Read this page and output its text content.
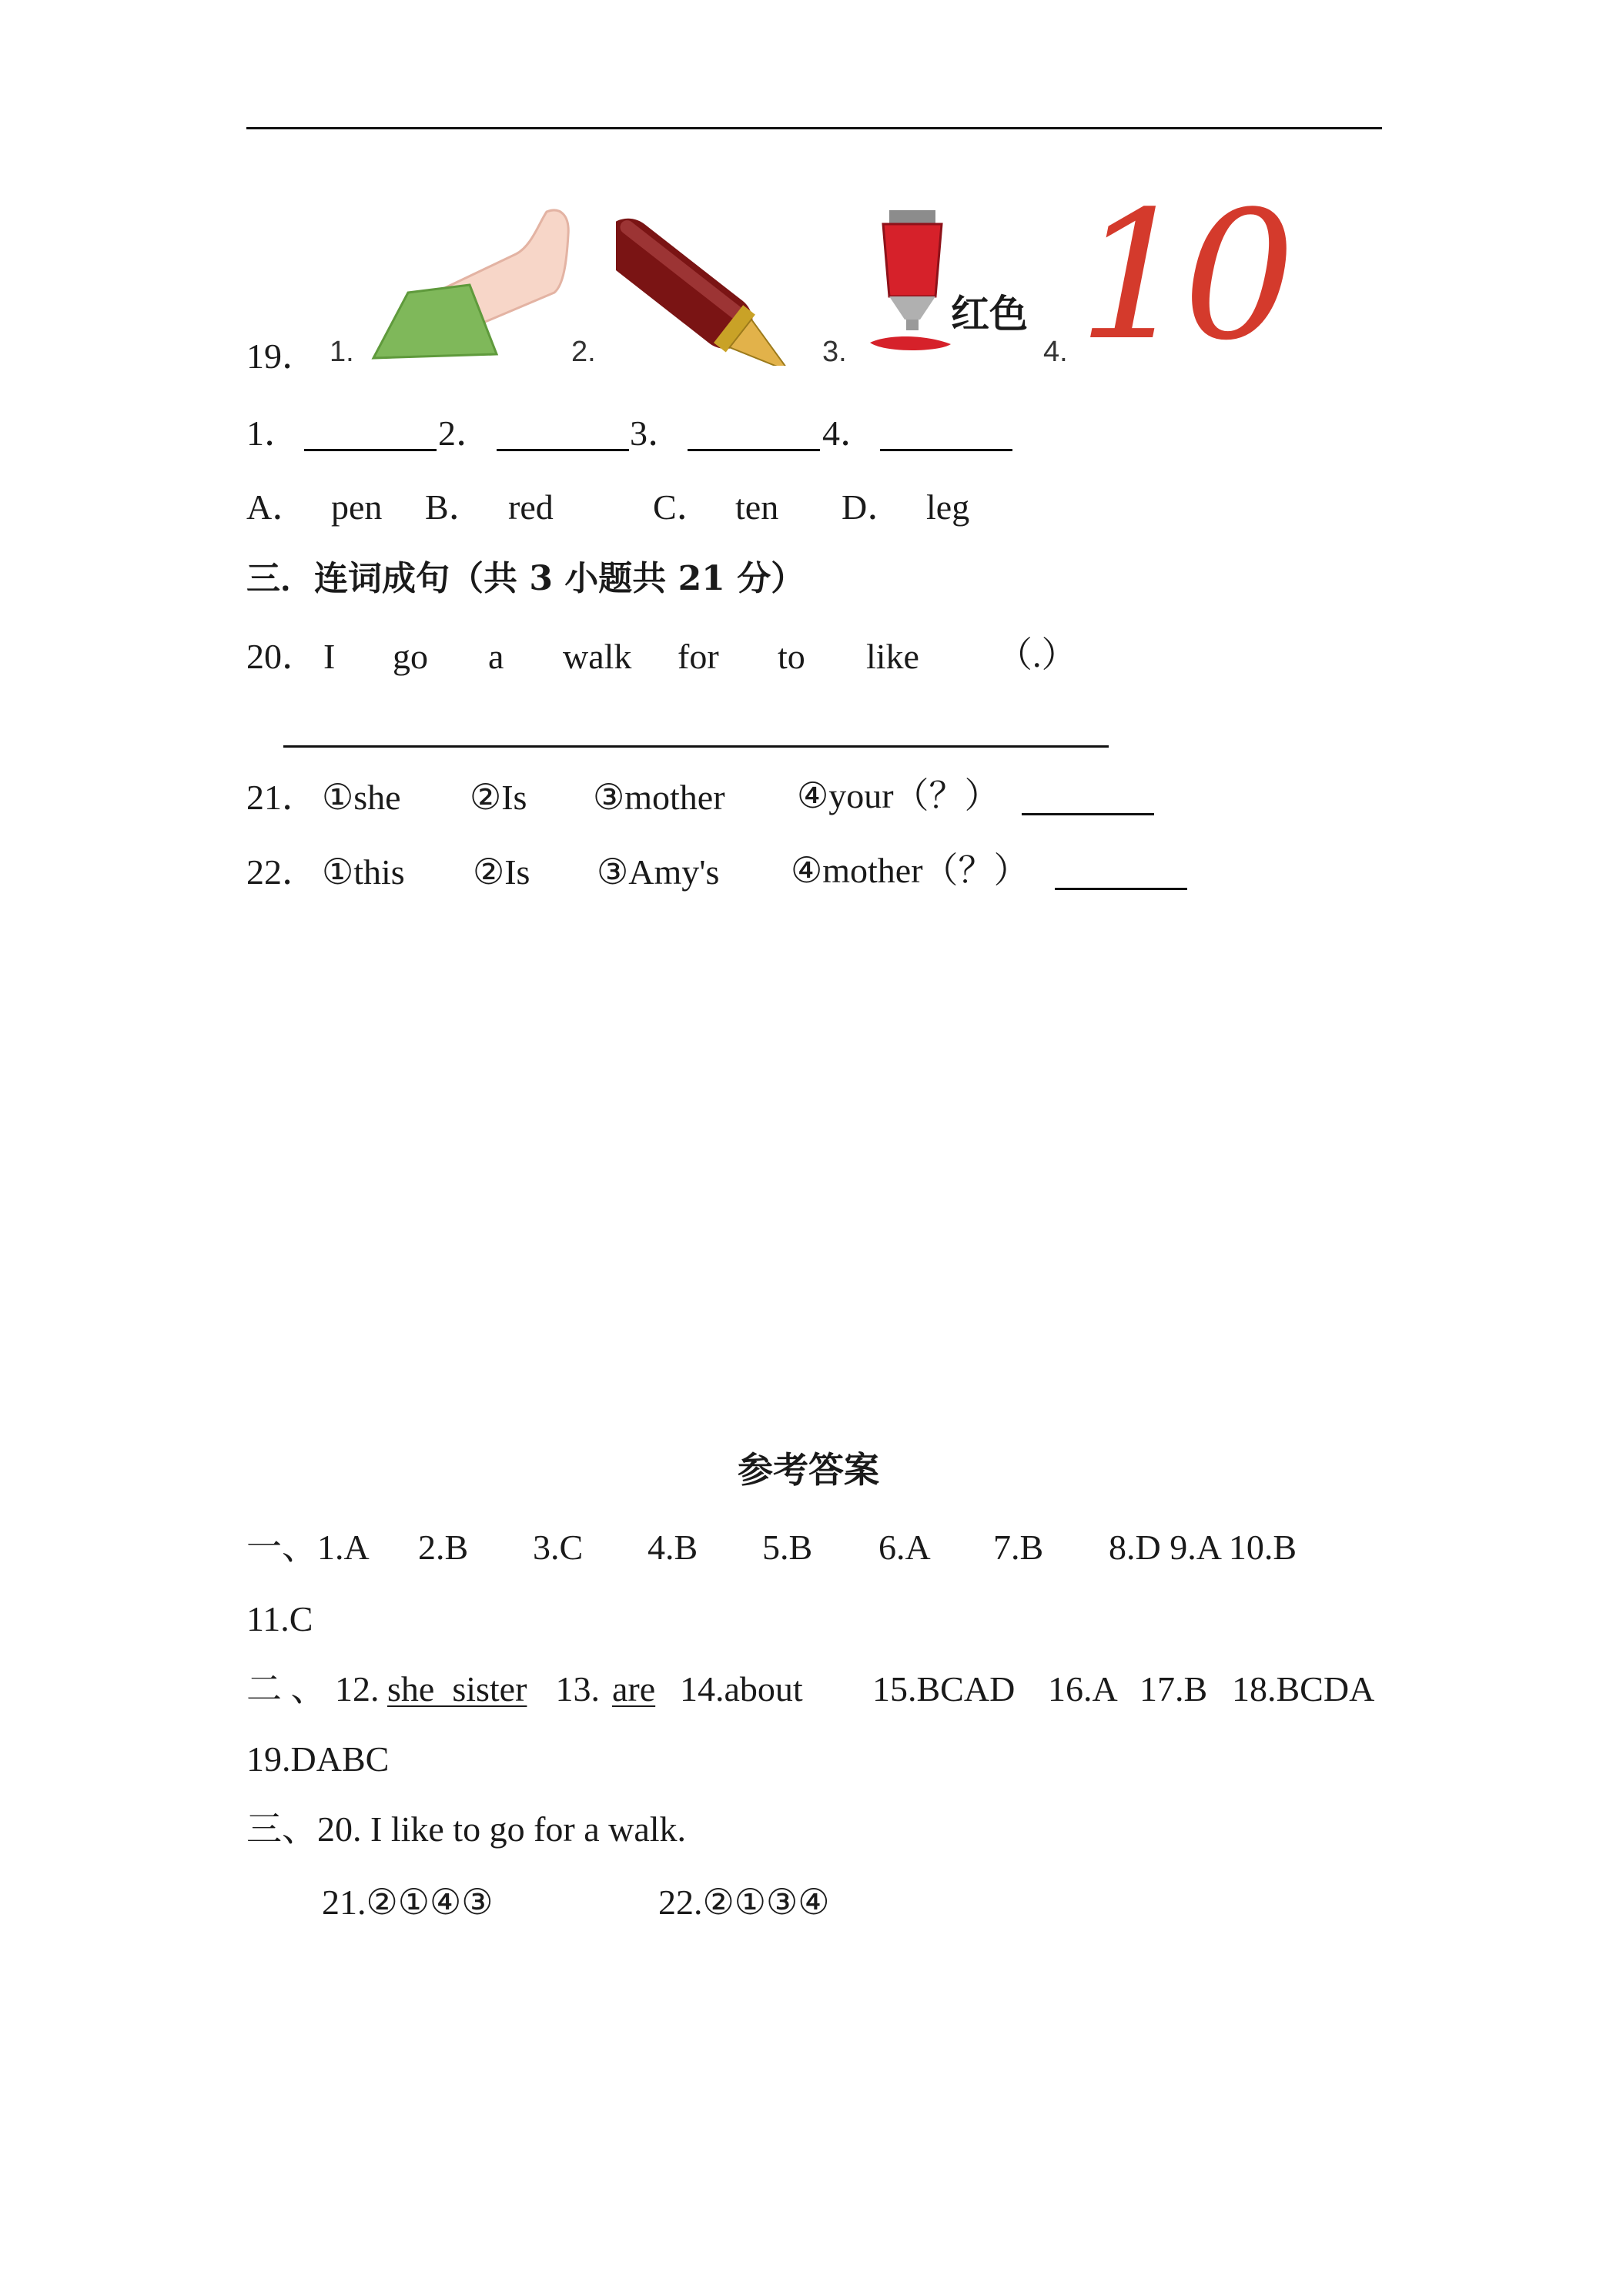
19． 1.	2.	3.
红色
4. 10
1．	2．	3．	4．
A． pen B． red	C． ten D． leg
三．连词成句（共 3 小题共 21 分）
20． I go a walk for to like （.）
21． ①she ②Is ③mother ④your（？）
22． ①this ②Is ③Amy's ④mother（？）
参考答案
一、1.A 2.B 3.C 4.B 5.B 6.A 7.B 8.D 9.A 10.B
11.C
二 、 12. she  sister 13. are 14.about 15.BCAD 16.A 17.B 18.BCDA
19.DABC
三、20. I like to go for a walk.
21.②①④③	22.②①③④
